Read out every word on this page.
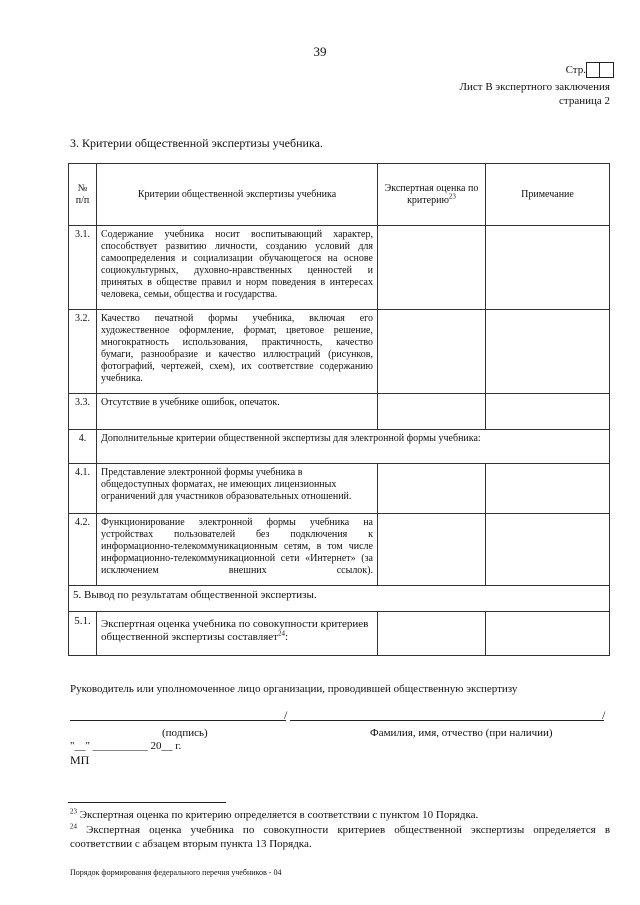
39
Стр.
Лист В экспертного заключения
страница 2
3. Критерии общественной экспертизы учебника.
№ п/п	Критерии общественной экспертизы учебника	Экспертная оценка по критерию$^{23}$	Примечание
3.1.	Содержание учебника носит воспитывающий характер, способствует развитию личности, созданию условий для самоопределения и социализации обучающегося на основе социокультурных, духовно-нравственных ценностей и принятых в обществе правил и норм поведения в интересах человека, семьи, общества и государства.		
3.2.	Качество печатной формы учебника, включая его художественное оформление, формат, цветовое решение, многократность использования, практичность, качество бумаги, разнообразие и качество иллюстраций (рисунков, фотографий, чертежей, схем), их соответствие содержанию учебника.		
3.3.	Отсутствие в учебнике ошибок, опечаток.		
4.	Дополнительные критерии общественной экспертизы для электронной формы учебника:		
4.1.	Представление электронной формы учебника в общедоступных форматах, не имеющих лицензионных ограничений для участников образовательных отношений.		
4.2.	Функционирование электронной формы учебника на устройствах пользователей без подключения к информационно-телекоммуникационным сетям, в том числе информационно-телекоммуникационной сети «Интернет» (за исключением внешних ссылок).		
5. Вывод по результатам общественной экспертизы.			
5.1.	Экспертная оценка учебника по совокупности критериев общественной экспертизы составляет$^{24}$:		
Руководитель или уполномоченное лицо организации, проводившей общественную экспертизу
/	/
(подпись)	Фамилия, имя, отчество (при наличии)
"__" __________ 20__ г.
МП
$^{23}$ Экспертная оценка по критерию определяется в соответствии с пунктом 10 Порядка.
$^{24}$ Экспертная оценка учебника по совокупности критериев общественной экспертизы определяется в соответствии с абзацем вторым пункта 13 Порядка.
Порядок формирования федерального перечня учебников - 04
